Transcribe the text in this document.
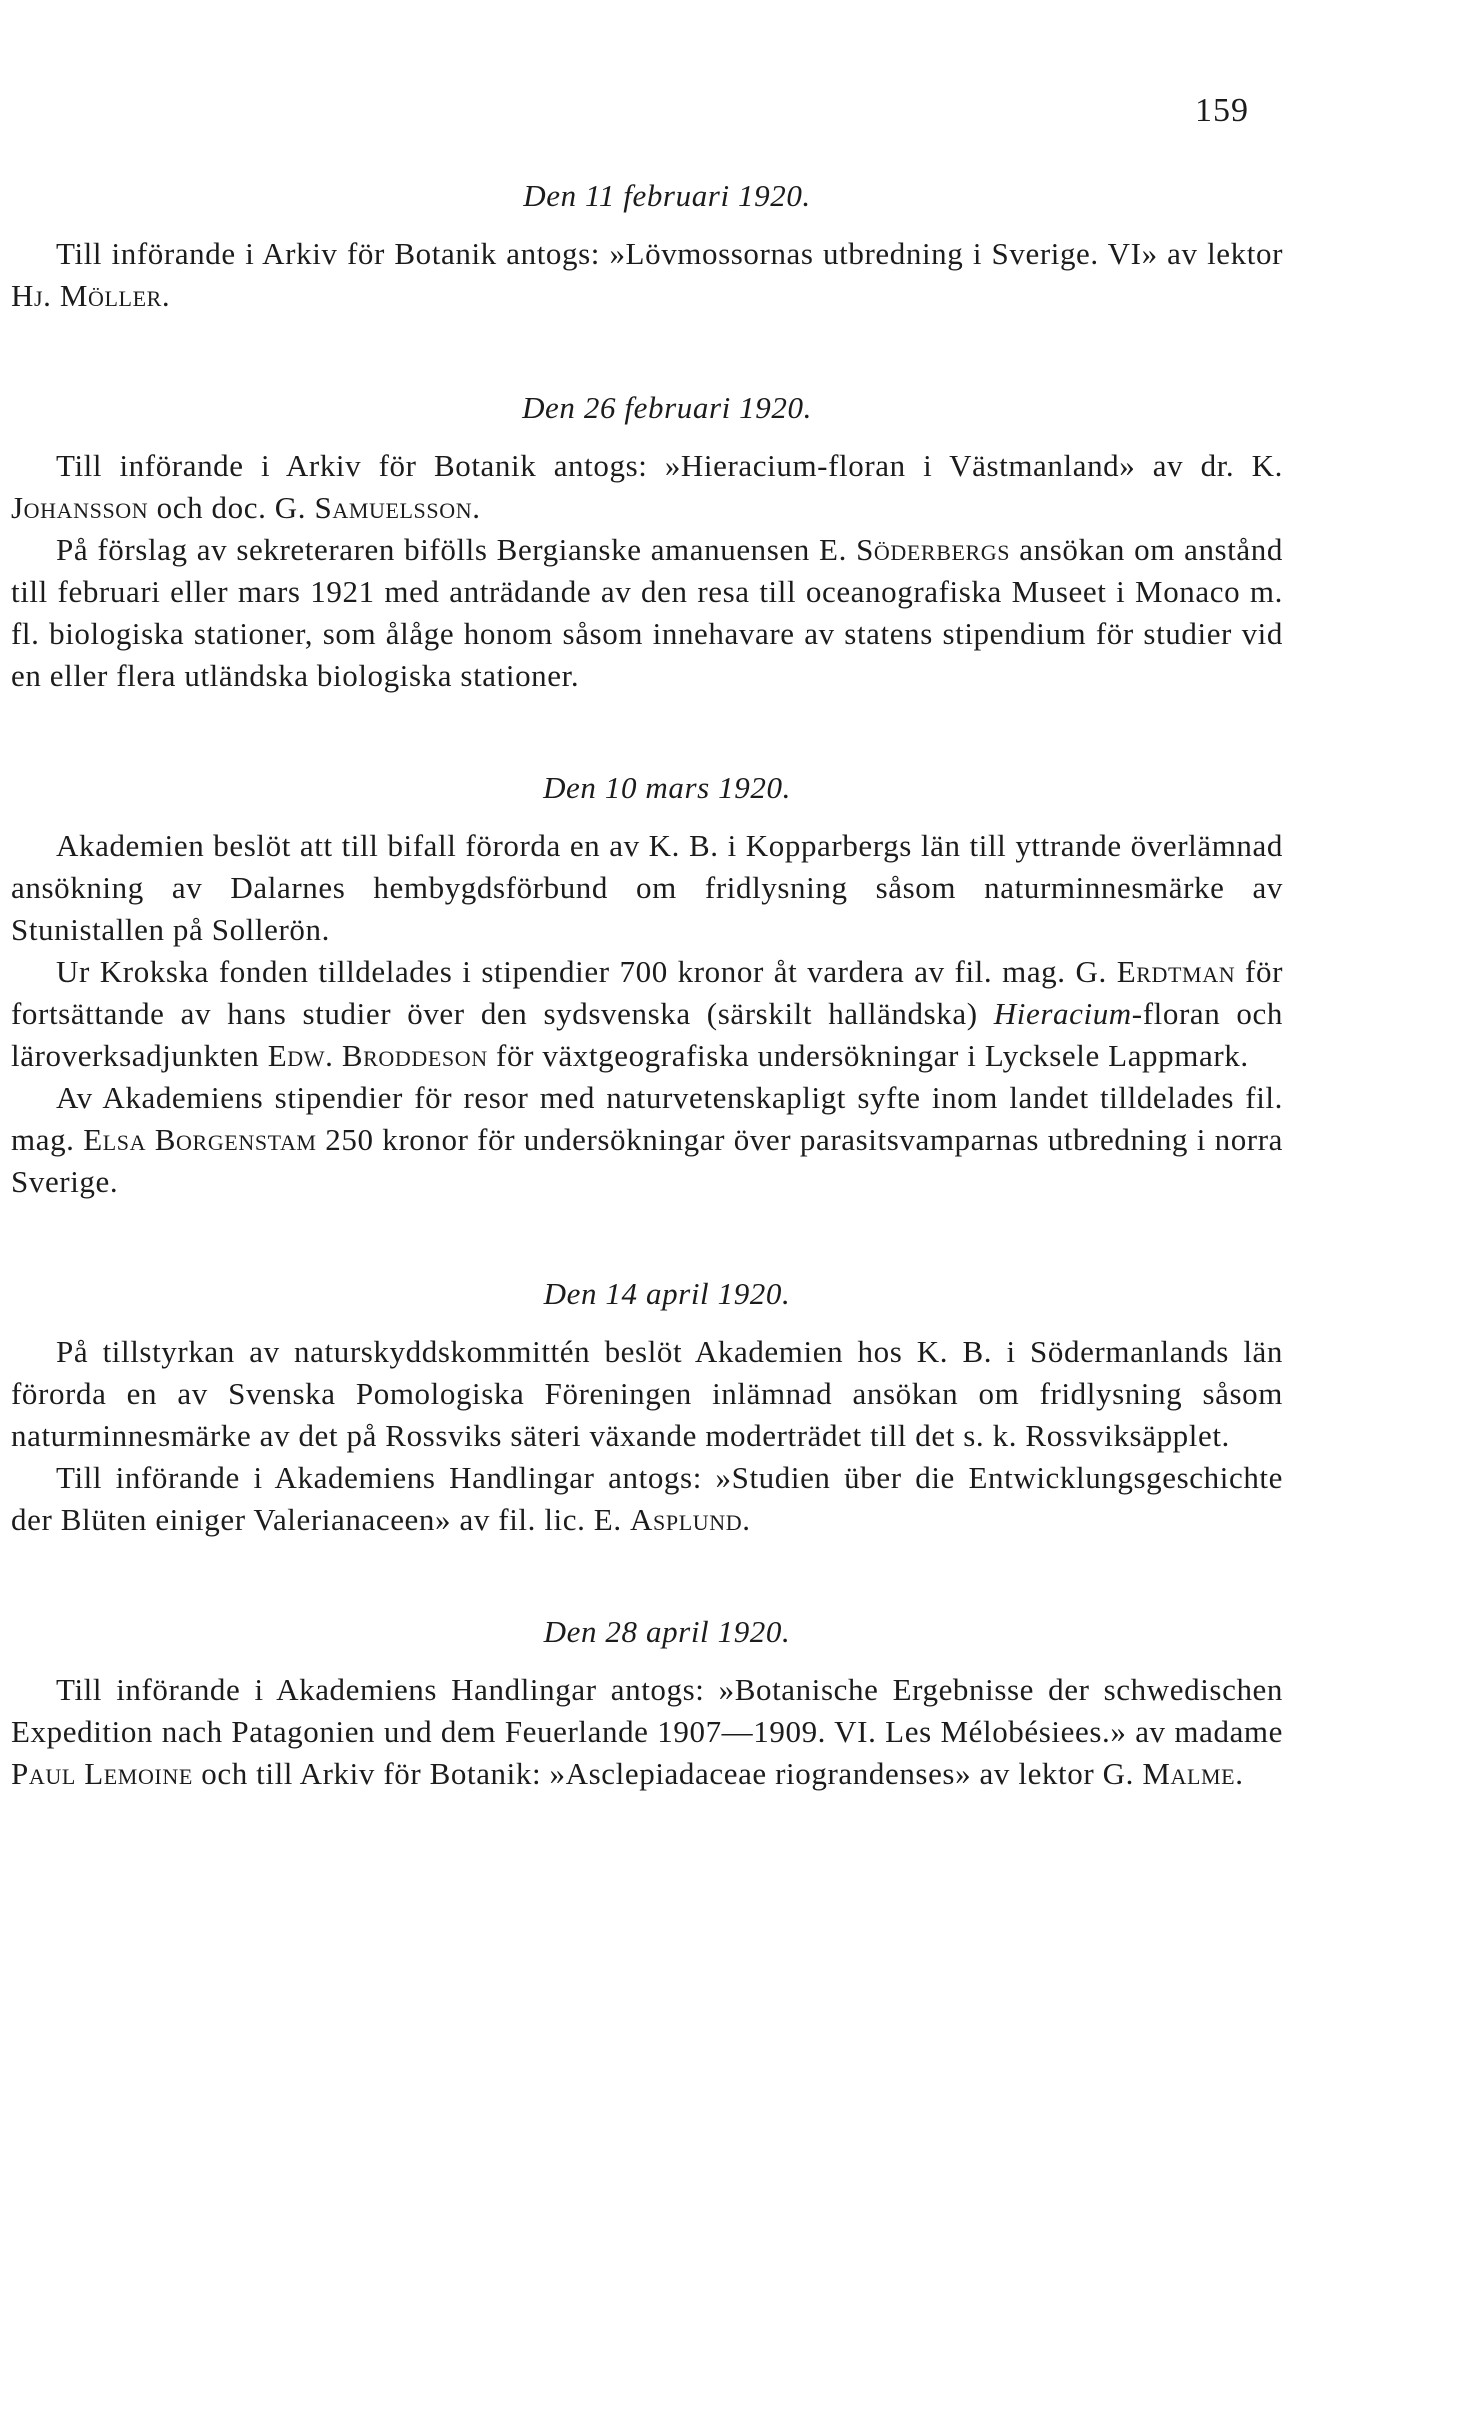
159
Den 11 februari 1920.

Till införande i Arkiv för Botanik antogs: »Lövmossornas utbredning i Sverige. VI» av lektor Hj. Möller.

Den 26 februari 1920.

Till införande i Arkiv för Botanik antogs: »Hieracium-floran i Västmanland» av dr. K. Johansson och doc. G. Samuelsson.

På förslag av sekreteraren bifölls Bergianske amanuensen E. Söderbergs ansökan om anstånd till februari eller mars 1921 med anträdande av den resa till oceanografiska Museet i Monaco m. fl. biologiska stationer, som ålåge honom såsom innehavare av statens stipendium för studier vid en eller flera utländska biologiska stationer.

Den 10 mars 1920.

Akademien beslöt att till bifall förorda en av K. B. i Kopparbergs län till yttrande överlämnad ansökning av Dalarnes hembygdsförbund om fridlysning såsom naturminnesmärke av Stunistallen på Sollerön.

Ur Krokska fonden tilldelades i stipendier 700 kronor åt vardera av fil. mag. G. Erdtman för fortsättande av hans studier över den sydsvenska (särskilt halländska) Hieracium-floran och läroverksadjunkten Edw. Broddeson för växtgeografiska undersökningar i Lycksele Lappmark.

Av Akademiens stipendier för resor med naturvetenskapligt syfte inom landet tilldelades fil. mag. Elsa Borgenstam 250 kronor för undersökningar över parasitsvamparnas utbredning i norra Sverige.

Den 14 april 1920.

På tillstyrkan av naturskyddskommittén beslöt Akademien hos K. B. i Södermanlands län förorda en av Svenska Pomologiska Föreningen inlämnad ansökan om fridlysning såsom naturminnesmärke av det på Rossviks säteri växande moderträdet till det s. k. Rossviksäpplet.

Till införande i Akademiens Handlingar antogs: »Studien über die Entwicklungsgeschichte der Blüten einiger Valerianaceen» av fil. lic. E. Asplund.

Den 28 april 1920.

Till införande i Akademiens Handlingar antogs: »Botanische Ergebnisse der schwedischen Expedition nach Patagonien und dem Feuerlande 1907—1909. VI. Les Mélobésiees.» av madame Paul Lemoine och till Arkiv för Botanik: »Asclepiadaceae riograndenses» av lektor G. Malme.
